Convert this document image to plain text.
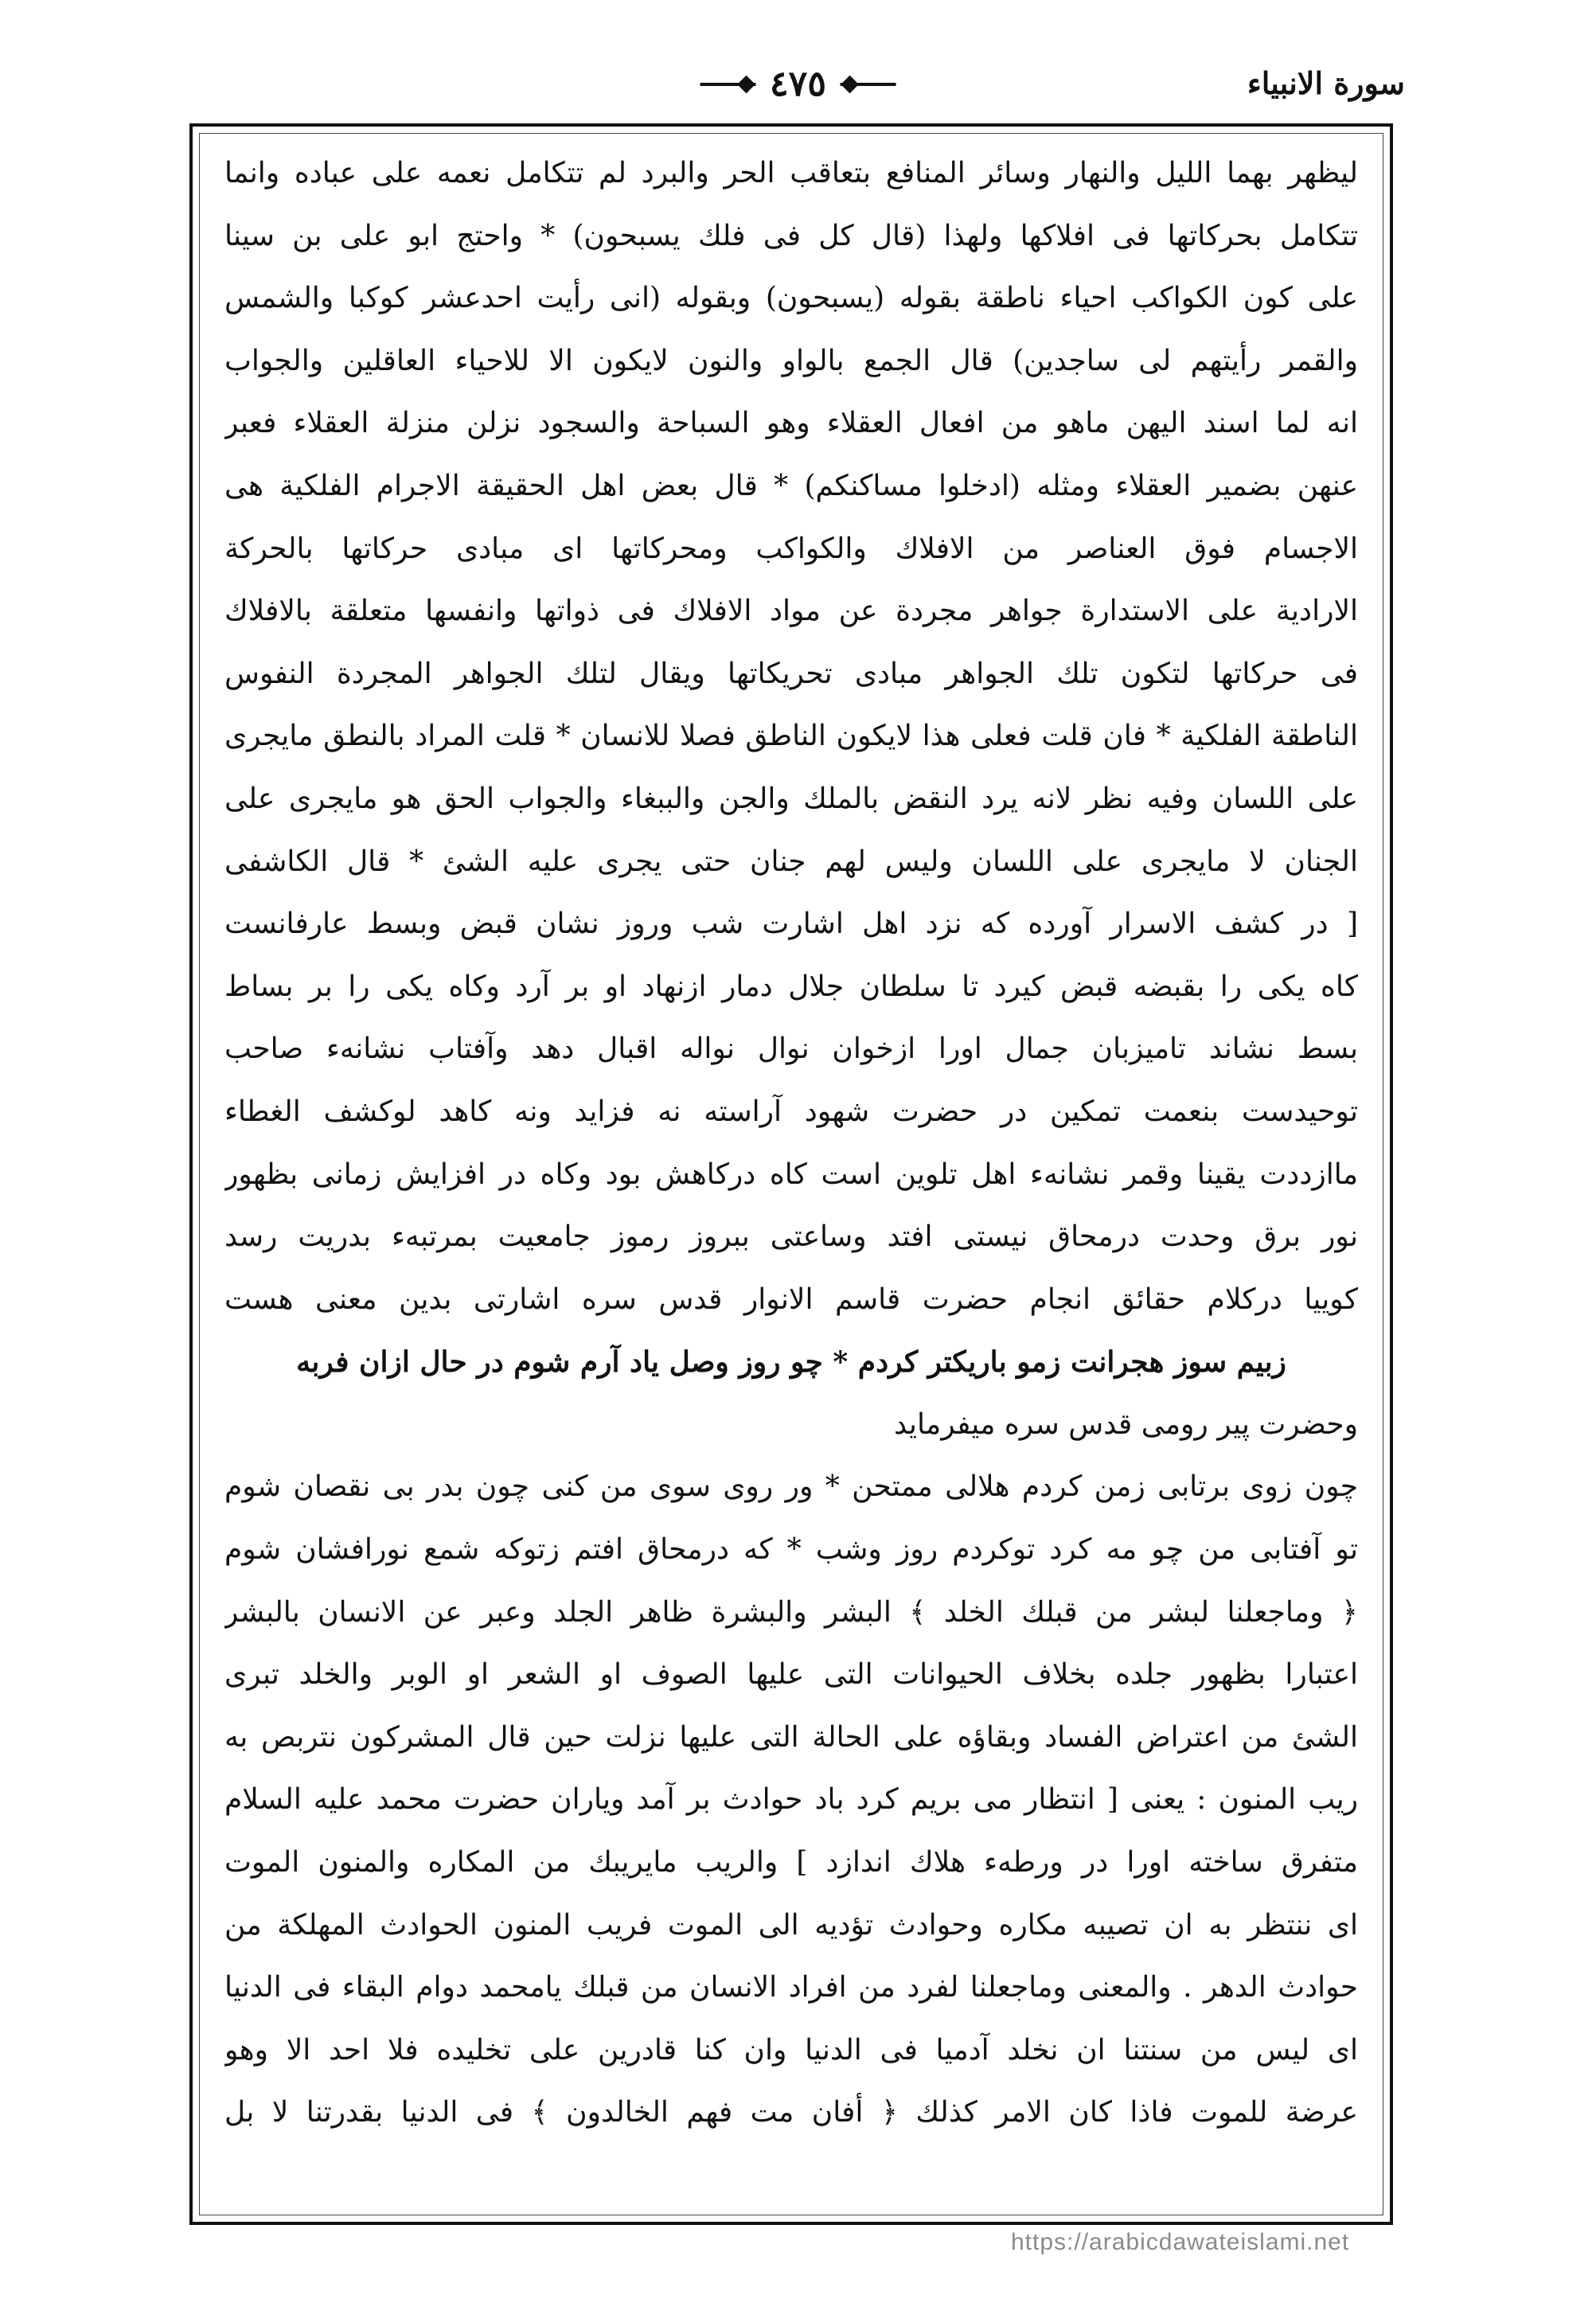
سورة الانبياء
٤٧٥
ليظهر بهما الليل والنهار وسائر المنافع بتعاقب الحر والبرد لم تتكامل نعمه على عباده وانما
تتكامل بحركاتها فى افلاكها ولهذا (قال كل فى فلك يسبحون) * واحتج ابو على بن سينا
على كون الكواكب احياء ناطقة بقوله (يسبحون) وبقوله (انى رأيت احدعشر كوكبا والشمس
والقمر رأيتهم لى ساجدين) قال الجمع بالواو والنون لايكون الا للاحياء العاقلين والجواب
انه لما اسند اليهن ماهو من افعال العقلاء وهو السباحة والسجود نزلن منزلة العقلاء فعبر
عنهن بضمير العقلاء ومثله (ادخلوا مساكنكم) * قال بعض اهل الحقيقة الاجرام الفلكية هى
الاجسام فوق العناصر من الافلاك والكواكب ومحركاتها اى مبادى حركاتها بالحركة
الارادية على الاستدارة جواهر مجردة عن مواد الافلاك فى ذواتها وانفسها متعلقة بالافلاك
فى حركاتها لتكون تلك الجواهر مبادى تحريكاتها ويقال لتلك الجواهر المجردة النفوس
الناطقة الفلكية * فان قلت فعلى هذا لايكون الناطق فصلا للانسان * قلت المراد بالنطق مايجرى
على اللسان وفيه نظر لانه يرد النقض بالملك والجن والببغاء والجواب الحق هو مايجرى على
الجنان لا مايجرى على اللسان وليس لهم جنان حتى يجرى عليه الشئ * قال الكاشفى
[ در كشف الاسرار آورده كه نزد اهل اشارت شب وروز نشان قبض وبسط عارفانست
كاه يكى را بقبضه قبض كيرد تا سلطان جلال دمار ازنهاد او بر آرد وكاه يكى را بر بساط
بسط نشاند تاميزبان جمال اورا ازخوان نوال نواله اقبال دهد وآفتاب نشانهء صاحب
توحيدست بنعمت تمكين در حضرت شهود آراسته نه فزايد ونه كاهد لوكشف الغطاء
ماازددت يقينا وقمر نشانهء اهل تلوين است كاه دركاهش بود وكاه در افزايش زمانى بظهور
نور برق وحدت درمحاق نيستى افتد وساعتى ببروز رموز جامعيت بمرتبهء بدريت رسد
كوييا دركلام حقائق انجام حضرت قاسم الانوار قدس سره اشارتى بدين معنى هست
زبيم سوز هجرانت زمو باريكتر كردم * چو روز وصل ياد آرم شوم در حال ازان فربه
وحضرت پير رومى قدس سره ميفرمايد
چون زوى برتابى زمن كردم هلالى ممتحن * ور روى سوى من كنى چون بدر بى نقصان شوم
تو آفتابى من چو مه كرد توكردم روز وشب * كه درمحاق افتم زتوكه شمع نورافشان شوم
﴿ وماجعلنا لبشر من قبلك الخلد ﴾ البشر والبشرة ظاهر الجلد وعبر عن الانسان بالبشر
اعتبارا بظهور جلده بخلاف الحيوانات التى عليها الصوف او الشعر او الوبر والخلد تبرى
الشئ من اعتراض الفساد وبقاؤه على الحالة التى عليها نزلت حين قال المشركون نتربص به
ريب المنون : يعنى [ انتظار مى بريم كرد باد حوادث بر آمد وياران حضرت محمد عليه السلام
متفرق ساخته اورا در ورطهء هلاك اندازد ] والريب مايريبك من المكاره والمنون الموت
اى ننتظر به ان تصيبه مكاره وحوادث تؤديه الى الموت فريب المنون الحوادث المهلكة من
حوادث الدهر . والمعنى وماجعلنا لفرد من افراد الانسان من قبلك يامحمد دوام البقاء فى الدنيا
اى ليس من سنتنا ان نخلد آدميا فى الدنيا وان كنا قادرين على تخليده فلا احد الا وهو
عرضة للموت فاذا كان الامر كذلك ﴿ أفان مت فهم الخالدون ﴾ فى الدنيا بقدرتنا لا بل
https://arabicdawateislami.net
